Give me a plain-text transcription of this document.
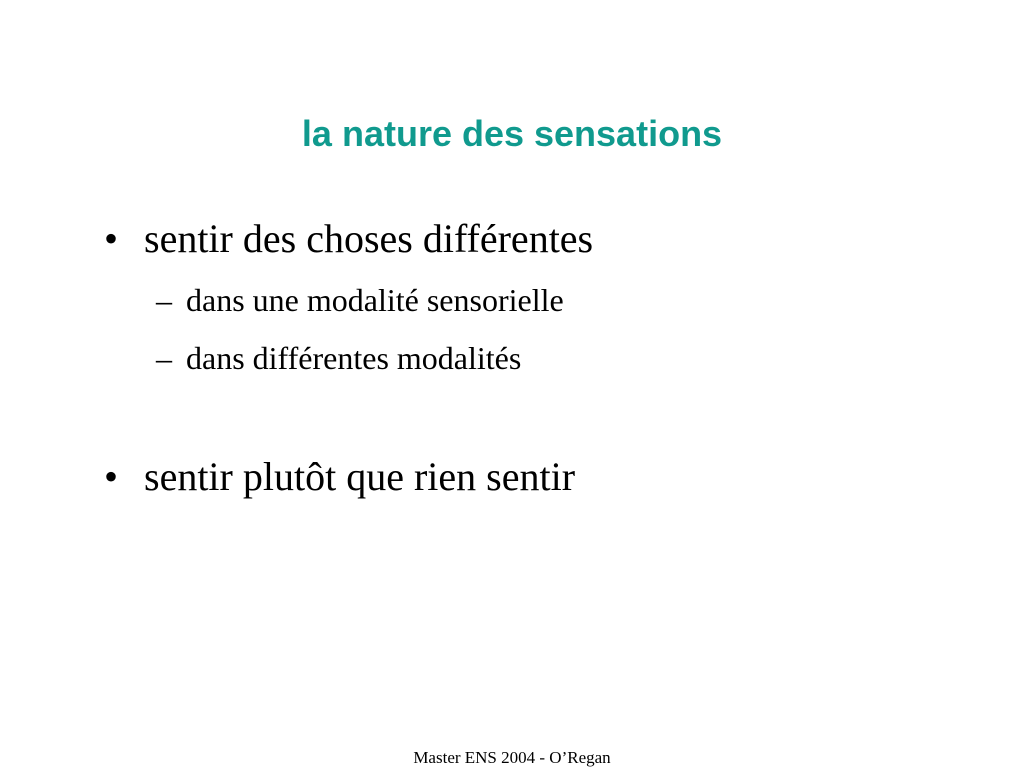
la nature des sensations
• sentir des choses différentes
– dans une modalité sensorielle
– dans différentes modalités
• sentir plutôt que rien sentir
Master ENS 2004 - O’Regan
